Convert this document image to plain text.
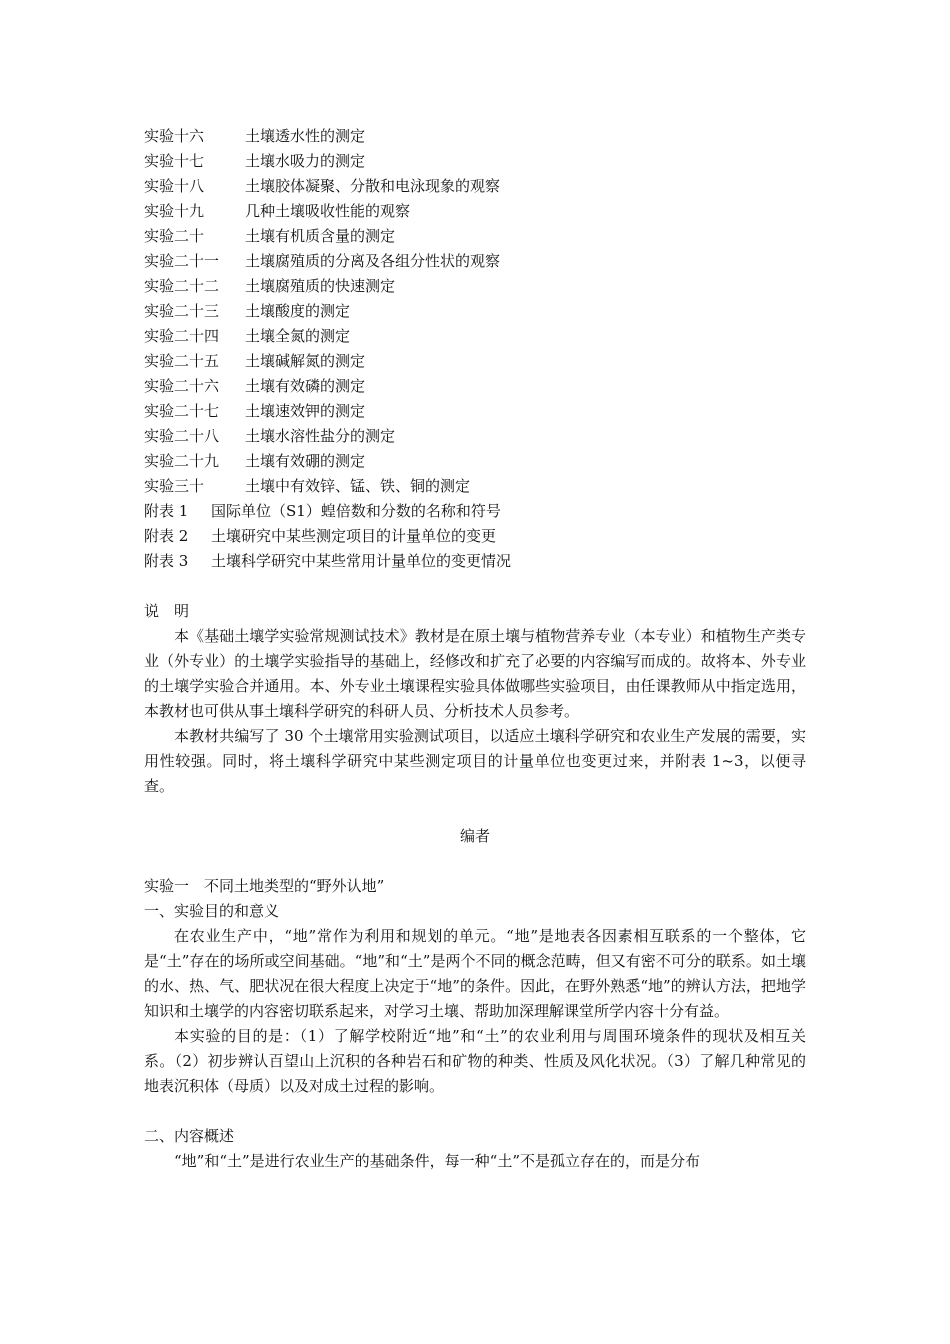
实验十六	土壤透水性的测定
实验十七	土壤水吸力的测定
实验十八	土壤胶体凝聚、分散和电泳现象的观察
实验十九	几种土壤吸收性能的观察
实验二十	土壤有机质含量的测定
实验二十一	土壤腐殖质的分离及各组分性状的观察
实验二十二	土壤腐殖质的快速测定
实验二十三	土壤酸度的测定
实验二十四	土壤全氮的测定
实验二十五	土壤碱解氮的测定
实验二十六	土壤有效磷的测定
实验二十七	土壤速效钾的测定
实验二十八	土壤水溶性盐分的测定
实验二十九	土壤有效硼的测定
实验三十	土壤中有效锌、锰、铁、铜的测定
附表 1	国际单位（S1）蝗倍数和分数的名称和符号
附表 2	土壤研究中某些测定项目的计量单位的变更
附表 3	土壤科学研究中某些常用计量单位的变更情况
说　明

本《基础土壤学实验常规测试技术》教材是在原土壤与植物营养专业（本专业）和植物生产类专业（外专业）的土壤学实验指导的基础上，经修改和扩充了必要的内容编写而成的。故将本、外专业的土壤学实验合并通用。本、外专业土壤课程实验具体做哪些实验项目，由任课教师从中指定选用，本教材也可供从事土壤科学研究的科研人员、分析技术人员参考。

本教材共编写了 30 个土壤常用实验测试项目，以适应土壤科学研究和农业生产发展的需要，实用性较强。同时，将土壤科学研究中某些测定项目的计量单位也变更过来，并附表 1~3，以便寻查。

编者
实验一　不同土地类型的“野外认地”
一、实验目的和意义

在农业生产中，“地”常作为利用和规划的单元。“地”是地表各因素相互联系的一个整体，它是“土”存在的场所或空间基础。“地”和“土”是两个不同的概念范畴，但又有密不可分的联系。如土壤的水、热、气、肥状况在很大程度上决定于“地”的条件。因此，在野外熟悉“地”的辨认方法，把地学知识和土壤学的内容密切联系起来，对学习土壤、帮助加深理解课堂所学内容十分有益。

本实验的目的是：（1）了解学校附近“地”和“土”的农业利用与周围环境条件的现状及相互关系。（2）初步辨认百望山上沉积的各种岩石和矿物的种类、性质及风化状况。（3）了解几种常见的地表沉积体（母质）以及对成土过程的影响。

二、内容概述

“地”和“土”是进行农业生产的基础条件，每一种“土”不是孤立存在的，而是分布
